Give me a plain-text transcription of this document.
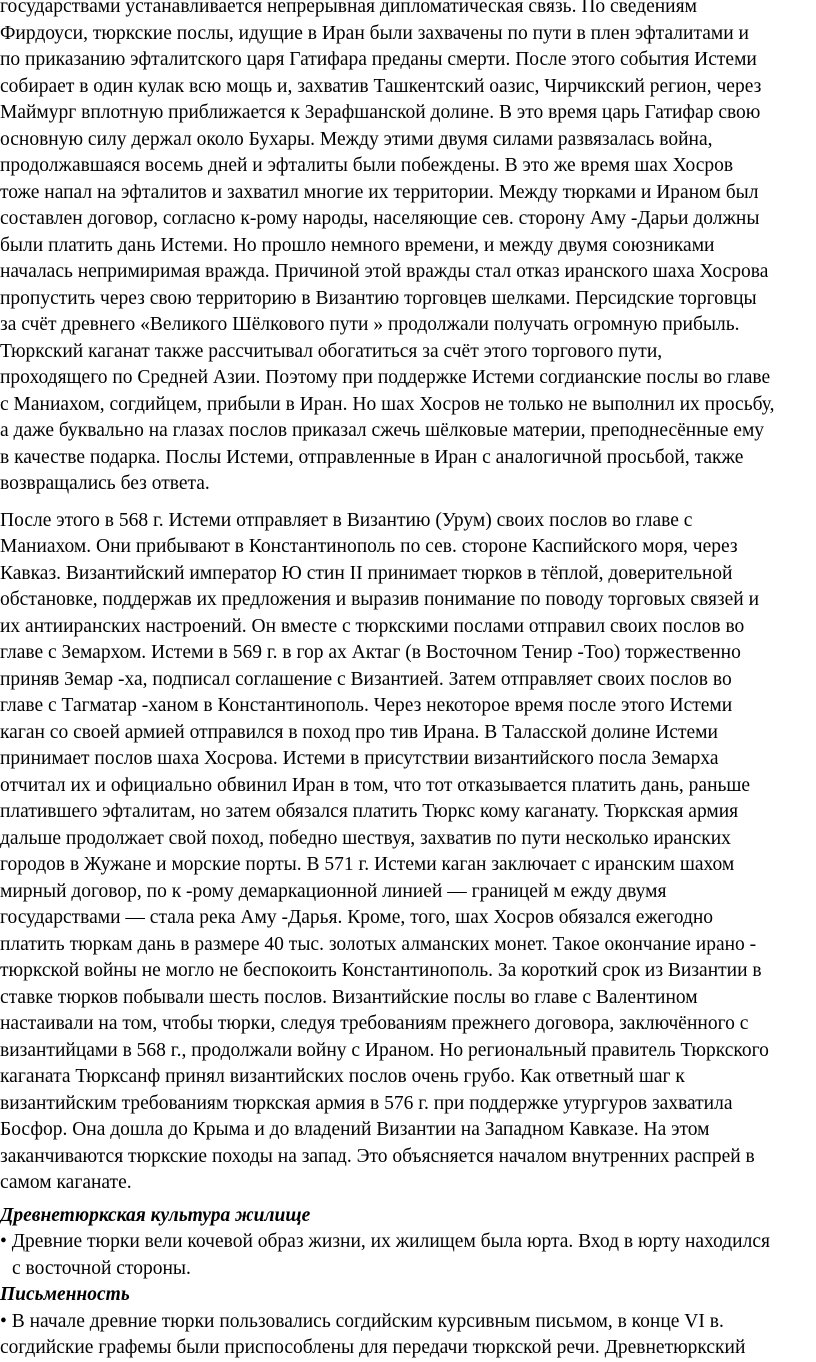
государствами устанавливается непрерывная дипломатическая связь. По сведениям
Фирдоуси, тюркские послы, идущие в Иран были захвачены по пути в плен эфталитами и
по приказанию эфталитского царя Гатифара преданы смерти. После этого события Истеми
собирает в один кулак всю мощь и, захватив Ташкентский оазис, Чирчикский регион, через
Маймург вплотную приближается к Зерафшанской долине. В это время царь Гатифар свою
основную силу держал около Бухары. Между этими двумя силами развязалась война,
продолжавшаяся восемь дней и эфталиты были побеждены. В это же время шах Хосров
тоже напал на эфталитов и захватил многие их территории. Между тюрками и Ираном был
составлен договор, согласно к-рому народы, населяющие сев. сторону Аму -Дарьи должны
были платить дань Истеми. Но прошло немного времени, и между двумя союзниками
началась непримиримая вражда. Причиной этой вражды стал отказ иранского шаха Хосрова
пропустить через свою территорию в Византию торговцев шелками. Персидские торговцы
за счёт древнего «Великого Шёлкового пути » продолжали получать огромную прибыль.
Тюркский каганат также рассчитывал обогатиться за счёт этого торгового пути,
проходящего по Средней Азии. Поэтому при поддержке Истеми согдианские послы во главе
с Маниахом, согдийцем, прибыли в Иран. Но шах Хосров не только не выполнил их просьбу,
а даже буквально на глазах послов приказал сжечь шёлковые материи, преподнесённые ему
в качестве подарка. Послы Истеми, отправленные в Иран с аналогичной просьбой, также
возвращались без ответа.
После этого в 568 г. Истеми отправляет в Византию (Урум) своих послов во главе с
Маниахом. Они прибывают в Константинополь по сев. стороне Каспийского моря, через
Кавказ. Византийский император Ю стин II принимает тюрков в тёплой, доверительной
обстановке, поддержав их предложения и выразив понимание по поводу торговых связей и
их антииранских настроений. Он вместе с тюркскими послами отправил своих послов во
главе с Земархом. Истеми в 569 г. в гор ах Актаг (в Восточном Тенир -Тоо) торжественно
приняв Земар -ха, подписал соглашение с Византией. Затем отправляет своих послов во
главе с Тагматар -ханом в Константинополь. Через некоторое время после этого Истеми
каган со своей армией отправился в поход про тив Ирана. В Таласской долине Истеми
принимает послов шаха Хосрова. Истеми в присутствии византийского посла Земарха
отчитал их и официально обвинил Иран в том, что тот отказывается платить дань, раньше
платившего эфталитам, но затем обязался платить Тюркс кому каганату. Тюркская армия
дальше продолжает свой поход, победно шествуя, захватив по пути несколько иранских
городов в Жужане и морские порты. В 571 г. Истеми каган заключает с иранским шахом
мирный договор, по к -рому демаркационной линией — границей м ежду двумя
государствами — стала река Аму -Дарья. Кроме, того, шах Хосров обязался ежегодно
платить тюркам дань в размере 40 тыс. золотых алманских монет. Такое окончание ирано -
тюркской войны не могло не беспокоить Константинополь. За короткий срок из Византии в
ставке тюрков побывали шесть послов. Византийские послы во главе с Валентином
настаивали на том, чтобы тюрки, следуя требованиям прежнего договора, заключённого с
византийцами в 568 г., продолжали войну с Ираном. Но региональный правитель Тюркского
каганата Тюрксанф принял византийских послов очень грубо. Как ответный шаг к
византийским требованиям тюркская армия в 576 г. при поддержке утургуров захватила
Босфор. Она дошла до Крыма и до владений Византии на Западном Кавказе. На этом
заканчиваются тюркские походы на запад. Это объясняется началом внутренних распрей в
самом каганате.
Древнетюркская культура жилище
• Древние тюрки вели кочевой образ жизни, их жилищем была юрта. Вход в юрту находился
с восточной стороны.
Письменность
• В начале древние тюрки пользовались согдийским курсивным письмом, в конце VI в.
согдийские графемы были приспособлены для передачи тюркской речи. Древнетюркский
